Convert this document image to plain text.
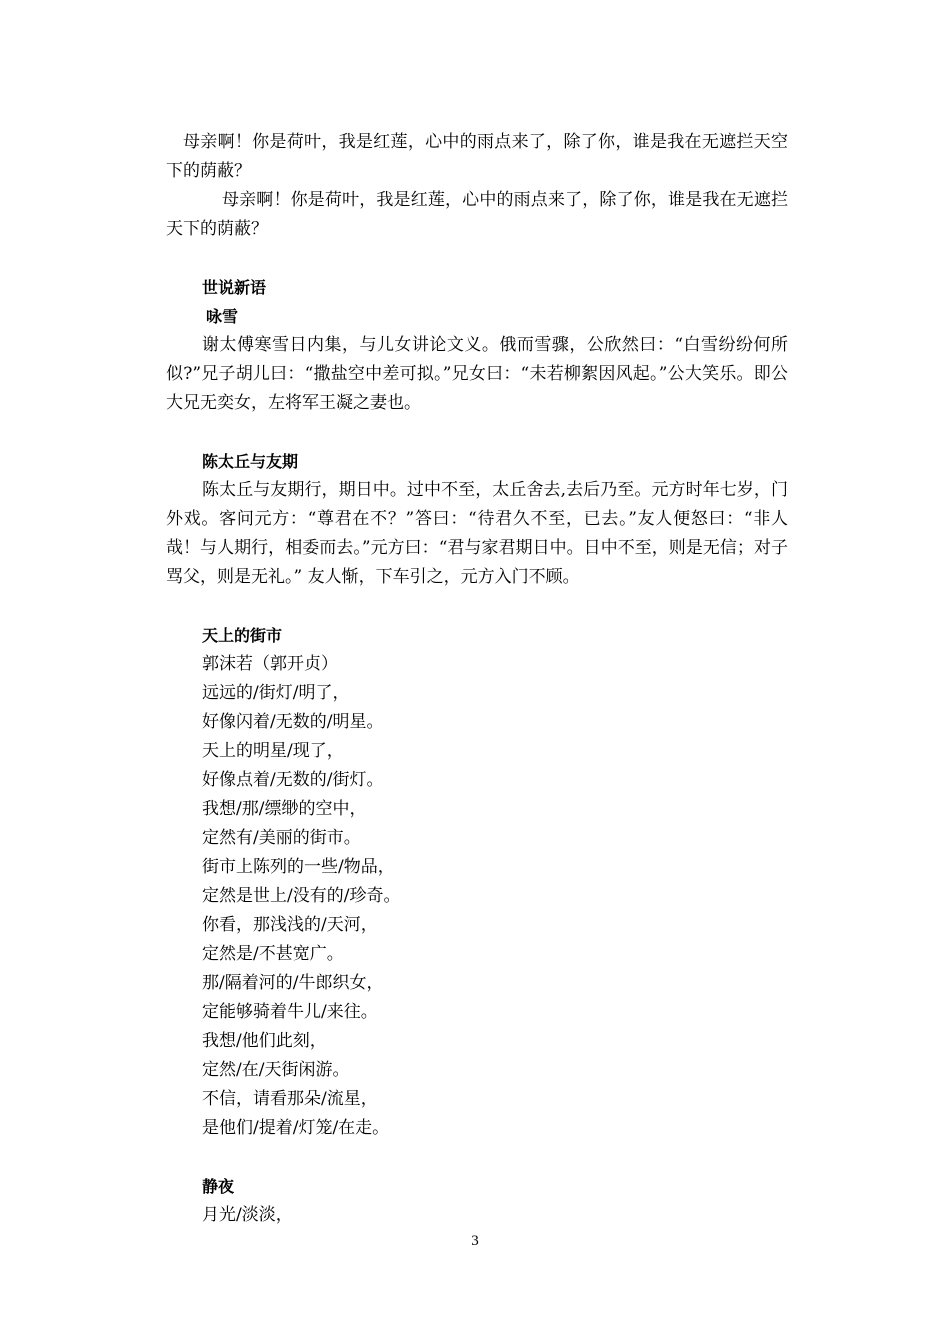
母亲啊！你是荷叶，我是红莲，心中的雨点来了，除了你，谁是我在无遮拦天空下的荫蔽？

母亲啊！你是荷叶，我是红莲，心中的雨点来了，除了你，谁是我在无遮拦天下的荫蔽？

世说新语

咏雪

谢太傅寒雪日内集，与儿女讲论文义。俄而雪骤，公欣然曰：“白雪纷纷何所似?”兄子胡儿曰：“撒盐空中差可拟。”兄女曰：“未若柳絮因风起。”公大笑乐。即公大兄无奕女，左将军王凝之妻也。

陈太丘与友期

陈太丘与友期行，期日中。过中不至，太丘舍去,去后乃至。元方时年七岁，门外戏。客问元方：“尊君在不？”答曰：“待君久不至，已去。”友人便怒曰：“非人哉！与人期行，相委而去。”元方曰：“君与家君期日中。日中不至，则是无信；对子骂父，则是无礼。” 友人惭，下车引之，元方入门不顾。

天上的街市

郭沫若（郭开贞）

远远的/街灯/明了，

好像闪着/无数的/明星。

天上的明星/现了，

好像点着/无数的/街灯。

我想/那/缥缈的空中，

定然有/美丽的街市。

街市上陈列的一些/物品，

定然是世上/没有的/珍奇。

你看，那浅浅的/天河，

定然是/不甚宽广。

那/隔着河的/牛郎织女，

定能够骑着牛儿/来往。

我想/他们此刻，

定然/在/天街闲游。

不信，请看那朵/流星，

是他们/提着/灯笼/在走。

静夜

月光/淡淡，

3
